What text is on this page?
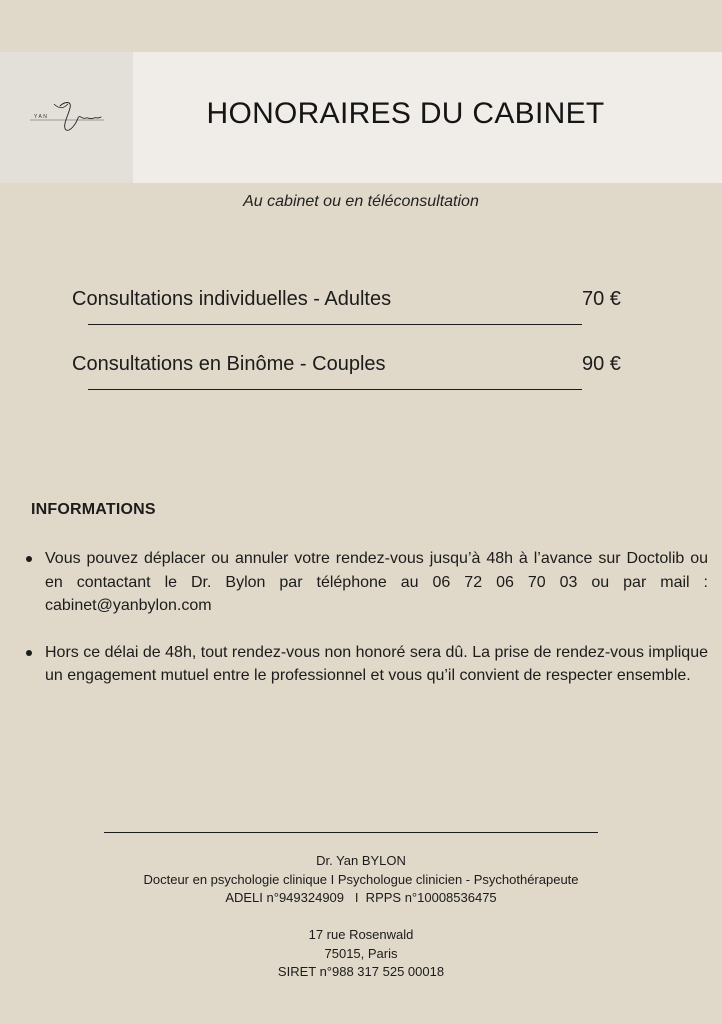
YAN	HONORAIRES DU CABINET
Au cabinet ou en téléconsultation
Consultations individuelles - Adultes	70 €
Consultations en Binôme - Couples	90 €
INFORMATIONS
Vous pouvez déplacer ou annuler votre rendez-vous jusqu’à 48h à l’avance sur Doctolib ou en contactant le Dr. Bylon par téléphone au 06 72 06 70 03 ou par mail : cabinet@yanbylon.com
Hors ce délai de 48h, tout rendez-vous non honoré sera dû. La prise de rendez-vous implique un engagement mutuel entre le professionnel et vous qu’il convient de respecter ensemble.
Dr. Yan BYLON
Docteur en psychologie clinique I Psychologue clinicien - Psychothérapeute
ADELI n°949324909   I  RPPS n°10008536475
17 rue Rosenwald
75015, Paris
SIRET n°988 317 525 00018
